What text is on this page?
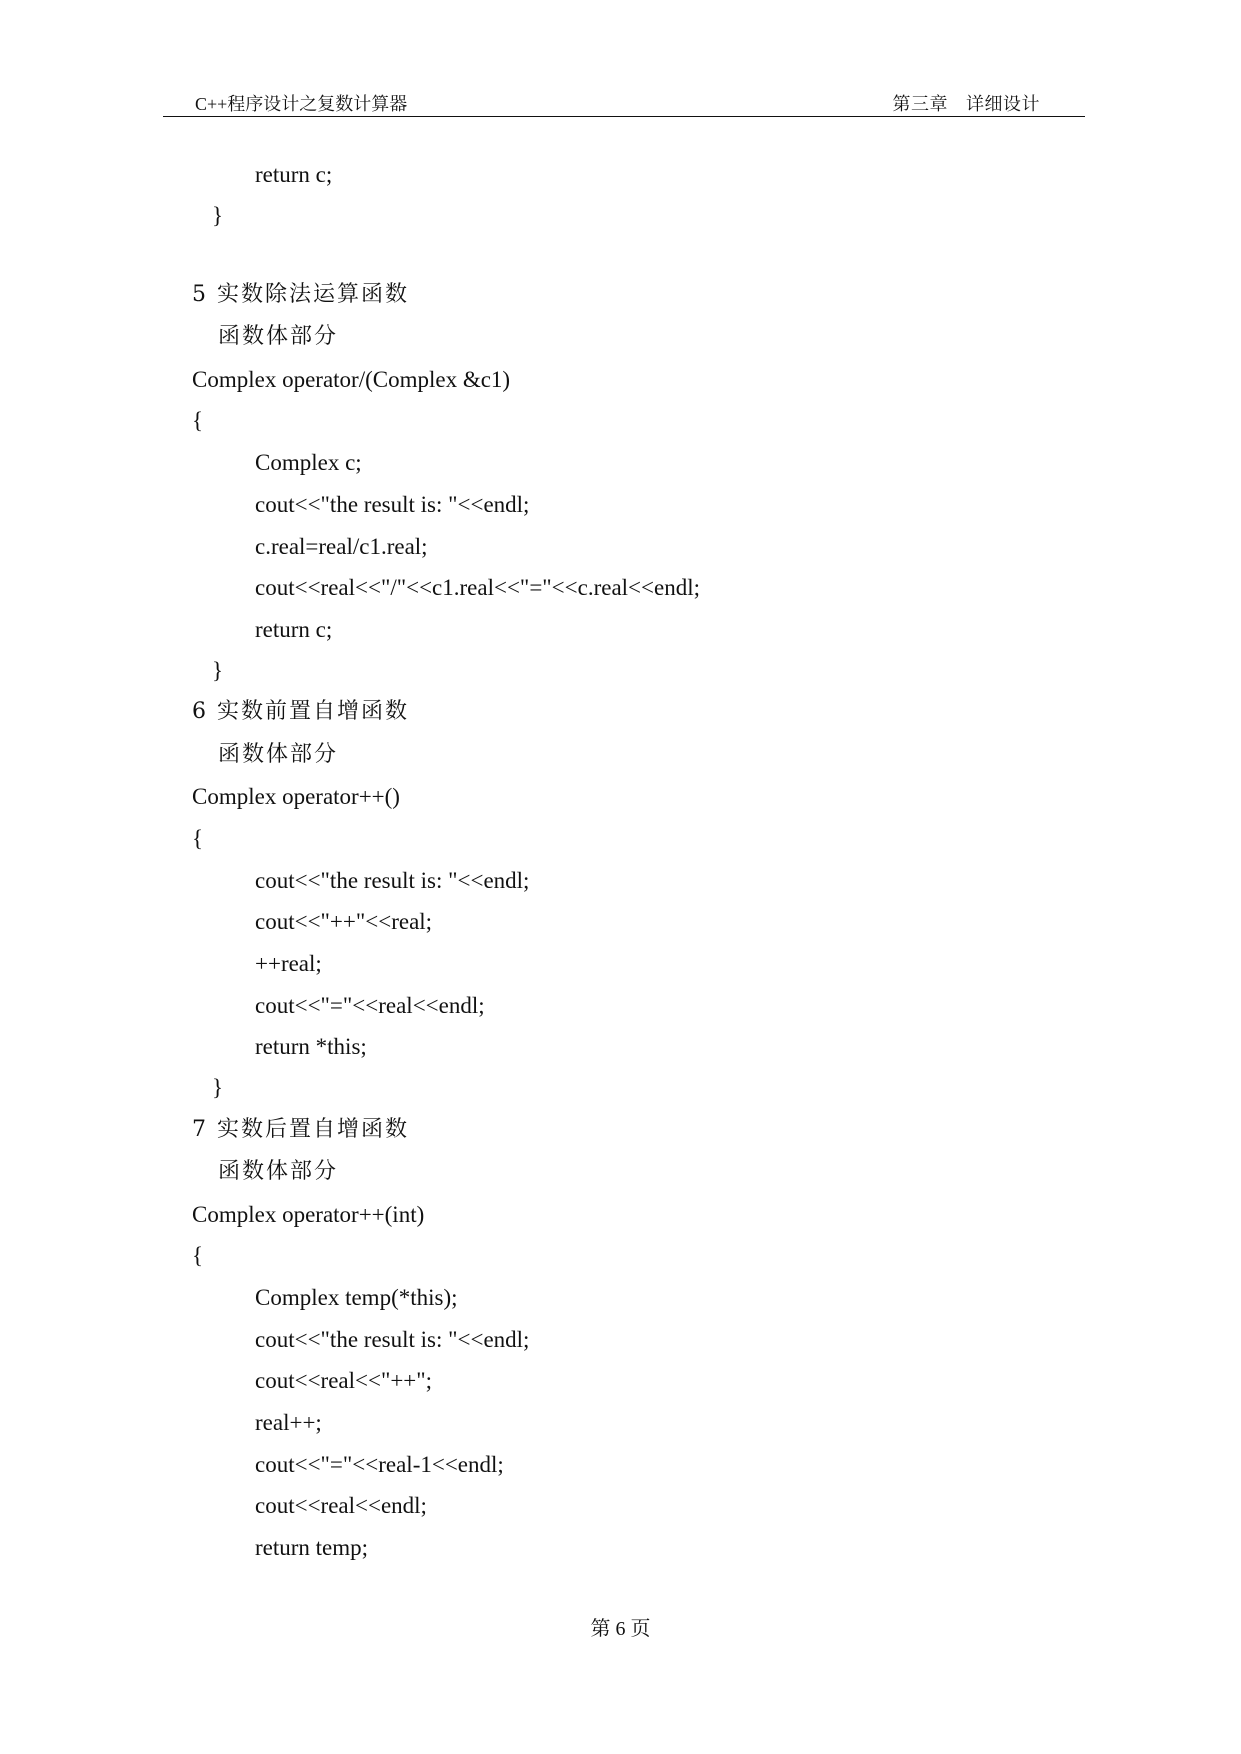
C++程序设计之复数计算器	第三章 详细设计
return c;
}
5 实数除法运算函数
函数体部分
Complex operator/(Complex &c1)
{
Complex c;
cout<<"the result is: "<<endl;
c.real=real/c1.real;
cout<<real<<"/"<<c1.real<<"="<<c.real<<endl;
return c;
}
6 实数前置自增函数
函数体部分
Complex operator++()
{
cout<<"the result is: "<<endl;
cout<<"++"<<real;
++real;
cout<<"="<<real<<endl;
return *this;
}
7 实数后置自增函数
函数体部分
Complex operator++(int)
{
Complex temp(*this);
cout<<"the result is: "<<endl;
cout<<real<<"++";
real++;
cout<<"="<<real-1<<endl;
cout<<real<<endl;
return temp;
第 6 页
